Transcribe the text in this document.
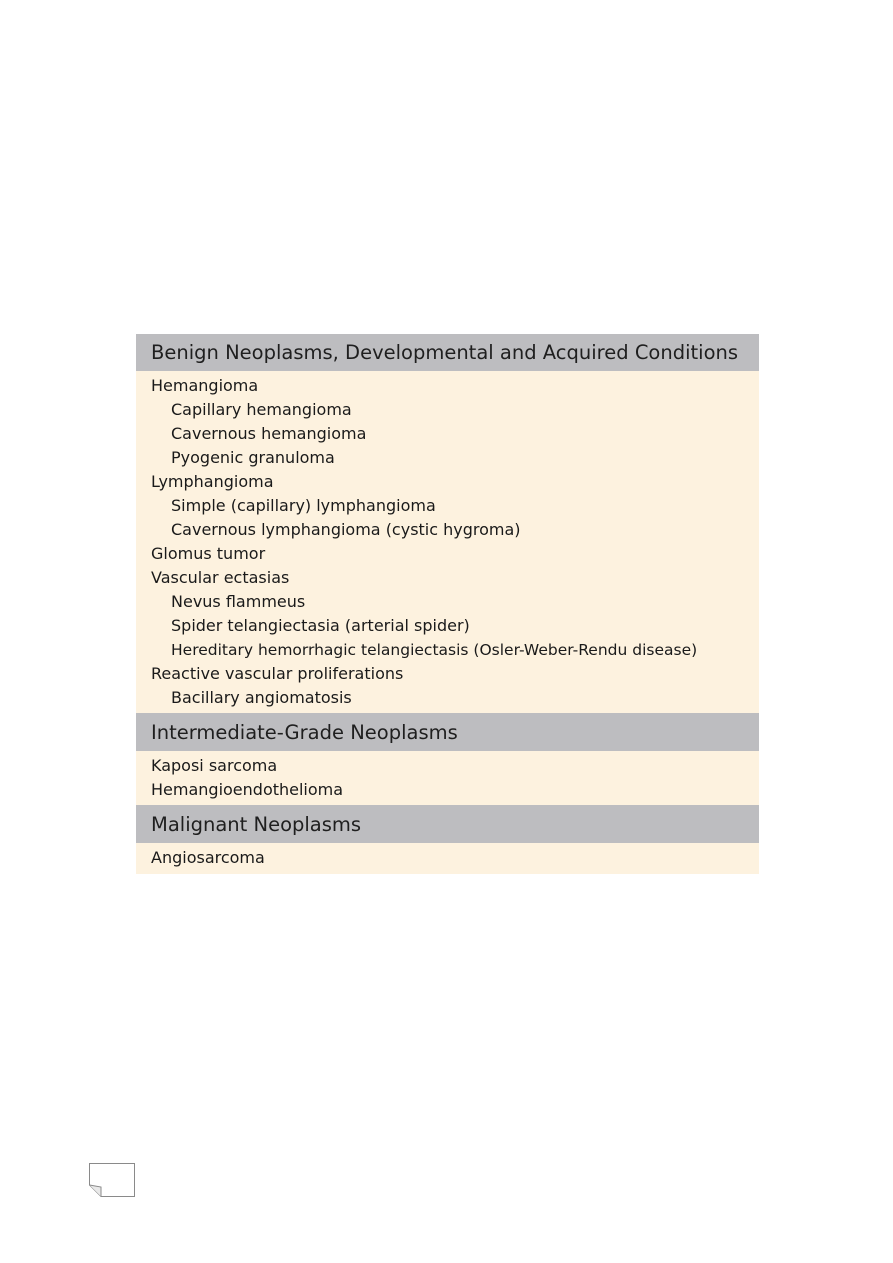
Benign Neoplasms, Developmental and Acquired Conditions
Hemangioma
Capillary hemangioma
Cavernous hemangioma
Pyogenic granuloma
Lymphangioma
Simple (capillary) lymphangioma
Cavernous lymphangioma (cystic hygroma)
Glomus tumor
Vascular ectasias
Nevus flammeus
Spider telangiectasia (arterial spider)
Hereditary hemorrhagic telangiectasis (Osler-Weber-Rendu disease)
Reactive vascular proliferations
Bacillary angiomatosis
Intermediate-Grade Neoplasms
Kaposi sarcoma
Hemangioendothelioma
Malignant Neoplasms
Angiosarcoma
